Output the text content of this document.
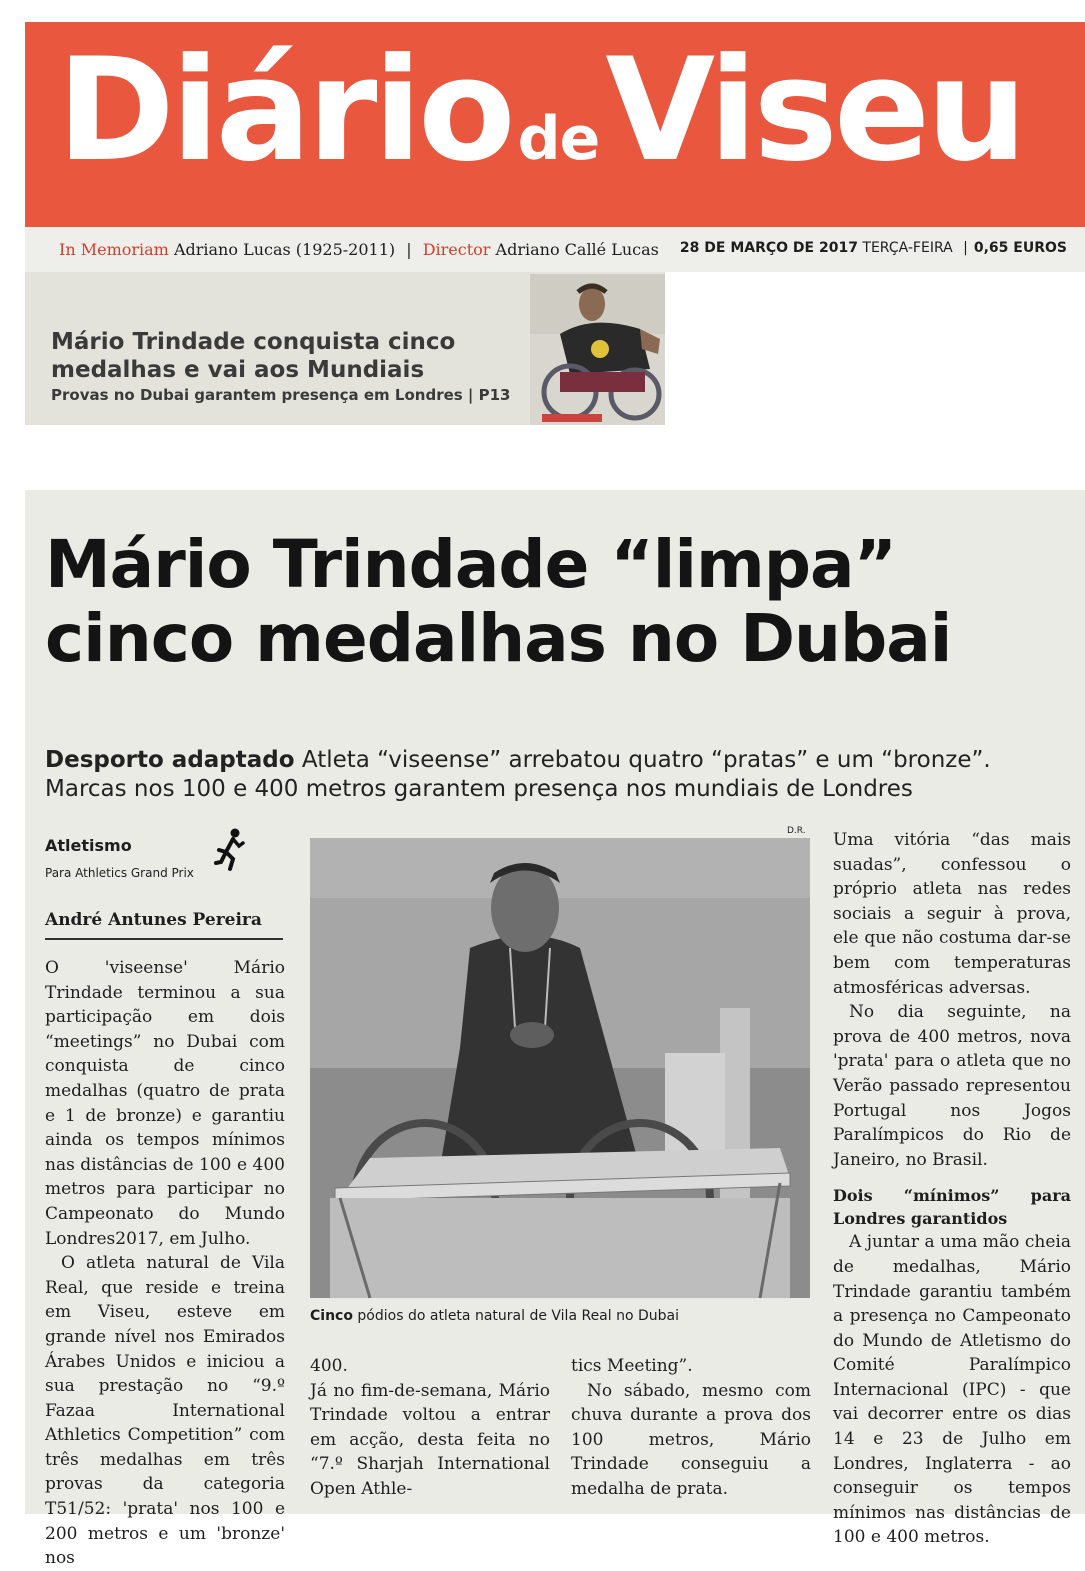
Diário deViseu
In Memoriam Adriano Lucas (1925-2011) | Director Adriano Callé Lucas 28 DE MARÇO DE 2017 TERÇA-FEIRA | 0,65 EUROS
Mário Trindade conquista cinco
medalhas e vai aos Mundiais
Provas no Dubai garantem presença em Londres | P13
Mário Trindade “limpa”
cinco medalhas no Dubai
Desporto adaptado Atleta “viseense” arrebatou quatro “pratas” e um “bronze”.
Marcas nos 100 e 400 metros garantem presença nos mundiais de Londres
Atletismo
Para Athletics Grand Prix
André Antunes Pereira

O 'viseense' Mário Trindade terminou a sua participação em dois “meetings” no Dubai com conquista de cinco medalhas (quatro de prata e 1 de bronze) e garantiu ainda os tempos mínimos nas distâncias de 100 e 400 metros para participar no Campeonato do Mundo Londres2017, em Julho.

O atleta natural de Vila Real, que reside e treina em Viseu, esteve em grande nível nos Emirados Árabes Unidos e iniciou a sua prestação no “9.º Fazaa International Athletics Competition” com três medalhas em três provas da categoria T51/52: 'prata' nos 100 e 200 metros e um 'bronze' nos

D.R.
Cinco pódios do atleta natural de Vila Real no Dubai

400.

Já no fim-de-semana, Mário Trindade voltou a entrar em acção, desta feita no “7.º Sharjah International Open Athle-

tics Meeting”.

No sábado, mesmo com chuva durante a prova dos 100 metros, Mário Trindade conseguiu a medalha de prata.

Uma vitória “das mais suadas”, confessou o próprio atleta nas redes sociais a seguir à prova, ele que não costuma dar-se bem com temperaturas atmosféricas adversas.

No dia seguinte, na prova de 400 metros, nova 'prata' para o atleta que no Verão passado representou Portugal nos Jogos Paralímpicos do Rio de Janeiro, no Brasil.

Dois “mínimos” para Londres garantidos

A juntar a uma mão cheia de medalhas, Mário Trindade garantiu também a presença no Campeonato do Mundo de Atletismo do Comité Paralímpico Internacional (IPC) - que vai decorrer entre os dias 14 e 23 de Julho em Londres, Inglaterra - ao conseguir os tempos mínimos nas distâncias de 100 e 400 metros.
